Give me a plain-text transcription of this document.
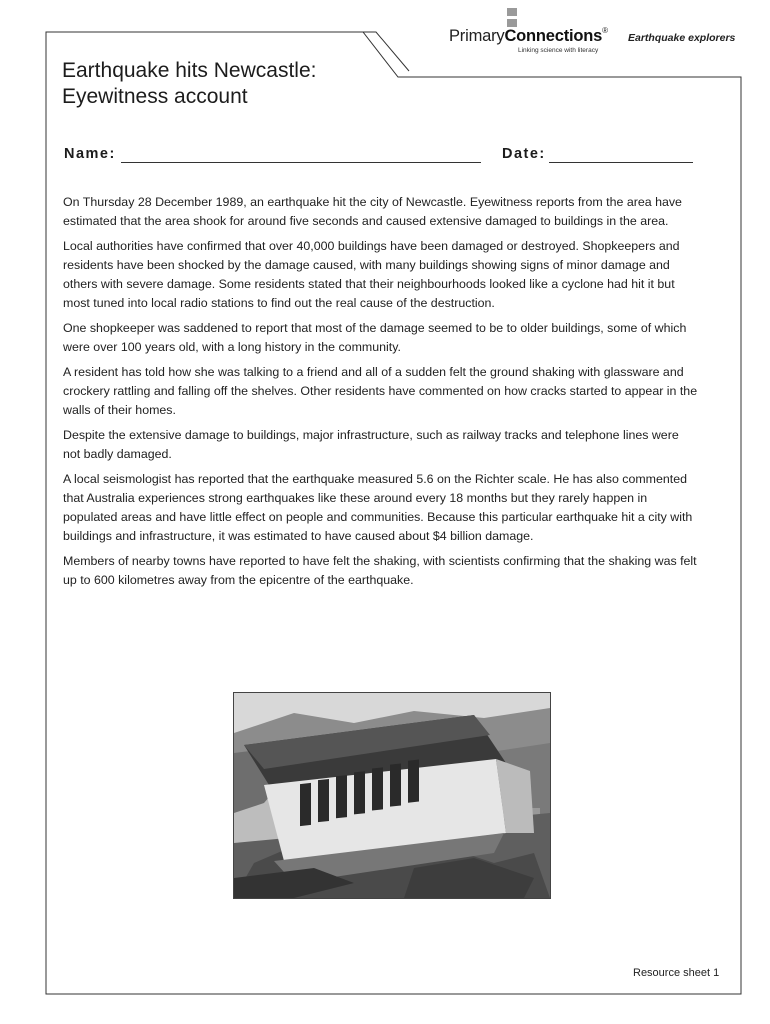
PrimaryConnections®
Linking science with literacy
Earthquake explorers
Earthquake hits Newcastle:
Eyewitness account
Name:	Date:

On Thursday 28 December 1989, an earthquake hit the city of Newcastle. Eyewitness reports from the area have estimated that the area shook for around five seconds and caused extensive damaged to buildings in the area.

Local authorities have confirmed that over 40,000 buildings have been damaged or destroyed. Shopkeepers and residents have been shocked by the damage caused, with many buildings showing signs of minor damage and others with severe damage. Some residents stated that their neighbourhoods looked like a cyclone had hit it but most tuned into local radio stations to find out the real cause of the destruction.

One shopkeeper was saddened to report that most of the damage seemed to be to older buildings, some of which were over 100 years old, with a long history in the community.

A resident has told how she was talking to a friend and all of a sudden felt the ground shaking with glassware and crockery rattling and falling off the shelves. Other residents have commented on how cracks started to appear in the walls of their homes.

Despite the extensive damage to buildings, major infrastructure, such as railway tracks and telephone lines were not badly damaged.

A local seismologist has reported that the earthquake measured 5.6 on the Richter scale. He has also commented that Australia experiences strong earthquakes like these around every 18 months but they rarely happen in populated areas and have little effect on people and communities. Because this particular earthquake hit a city with buildings and infrastructure, it was estimated to have caused about $4 billion damage.

Members of nearby towns have reported to have felt the shaking, with scientists confirming that the shaking was felt up to 600 kilometres away from the epicentre of the earthquake.

Resource sheet 1
